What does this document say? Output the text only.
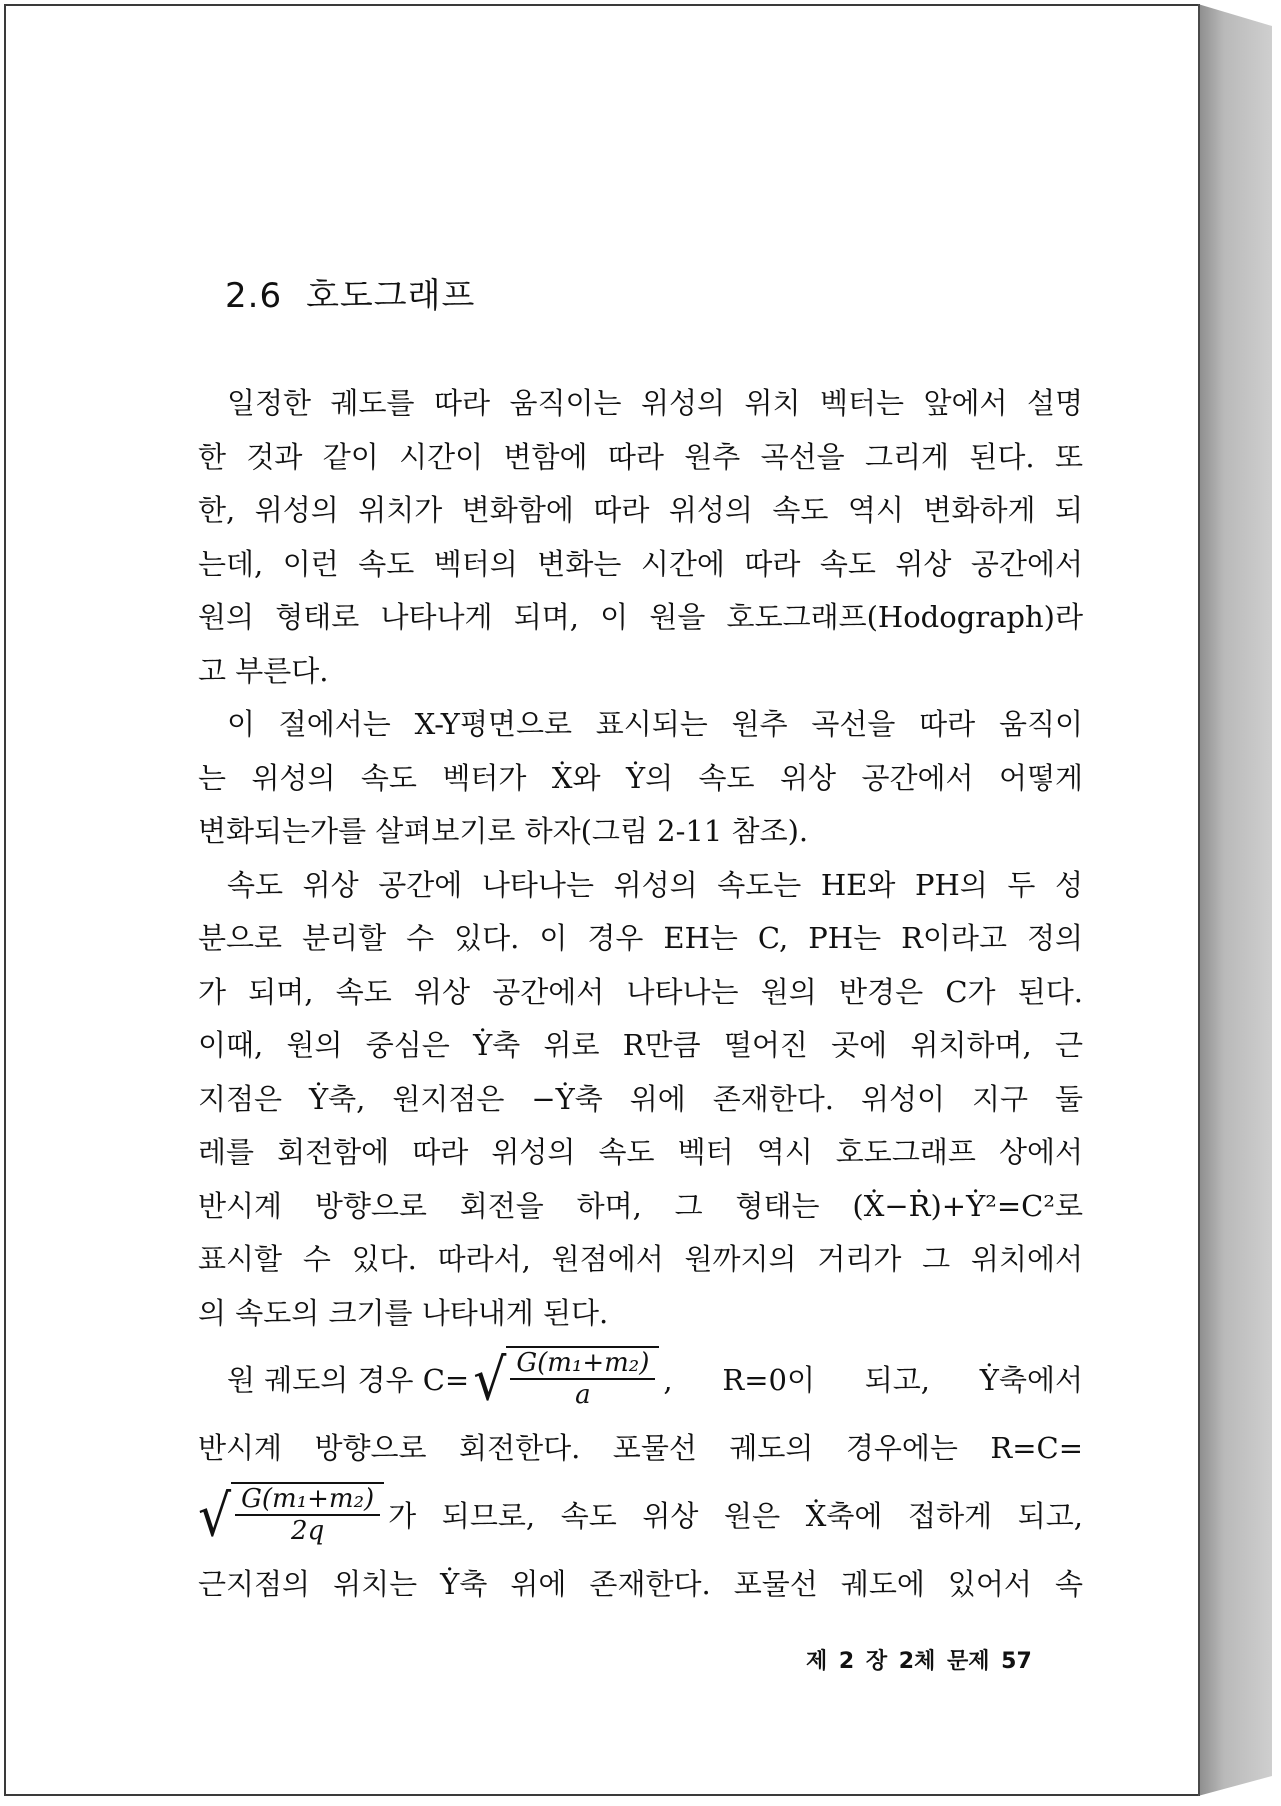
2.6 호도그래프
일정한 궤도를 따라 움직이는 위성의 위치 벡터는 앞에서 설명
한 것과 같이 시간이 변함에 따라 원추 곡선을 그리게 된다. 또
한, 위성의 위치가 변화함에 따라 위성의 속도 역시 변화하게 되
는데, 이런 속도 벡터의 변화는 시간에 따라 속도 위상 공간에서
원의 형태로 나타나게 되며, 이 원을 호도그래프(Hodograph)라
고 부른다.
이 절에서는 X-Y평면으로 표시되는 원추 곡선을 따라 움직이
는 위성의 속도 벡터가 Ẋ와 Ẏ의 속도 위상 공간에서 어떻게
변화되는가를 살펴보기로 하자(그림 2-11 참조).
속도 위상 공간에 나타나는 위성의 속도는 HE와 PH의 두 성
분으로 분리할 수 있다. 이 경우 EH는 C, PH는 R이라고 정의
가 되며, 속도 위상 공간에서 나타나는 원의 반경은 C가 된다.
이때, 원의 중심은 Ẏ축 위로 R만큼 떨어진 곳에 위치하며, 근
지점은 Ẏ축, 원지점은 −Ẏ축 위에 존재한다. 위성이 지구 둘
레를 회전함에 따라 위성의 속도 벡터 역시 호도그래프 상에서
반시계 방향으로 회전을 하며, 그 형태는 (Ẋ−Ṙ)+Ẏ²=C²로
표시할 수 있다. 따라서, 원점에서 원까지의 거리가 그 위치에서
의 속도의 크기를 나타내게 된다.
원 궤도의 경우 C= √ $\frac{\text{G(m₁+m₂)}}{a}$ , R=0이 되고, Ẏ축에서
반시계 방향으로 회전한다. 포물선 궤도의 경우에는 R=C=
√ $\frac{\text{G(m₁+m₂)}}{2q}$ 가 되므로, 속도 위상 원은 Ẋ축에 접하게 되고,
근지점의 위치는 Ẏ축 위에 존재한다. 포물선 궤도에 있어서 속
제 2 장 2체 문제 57
